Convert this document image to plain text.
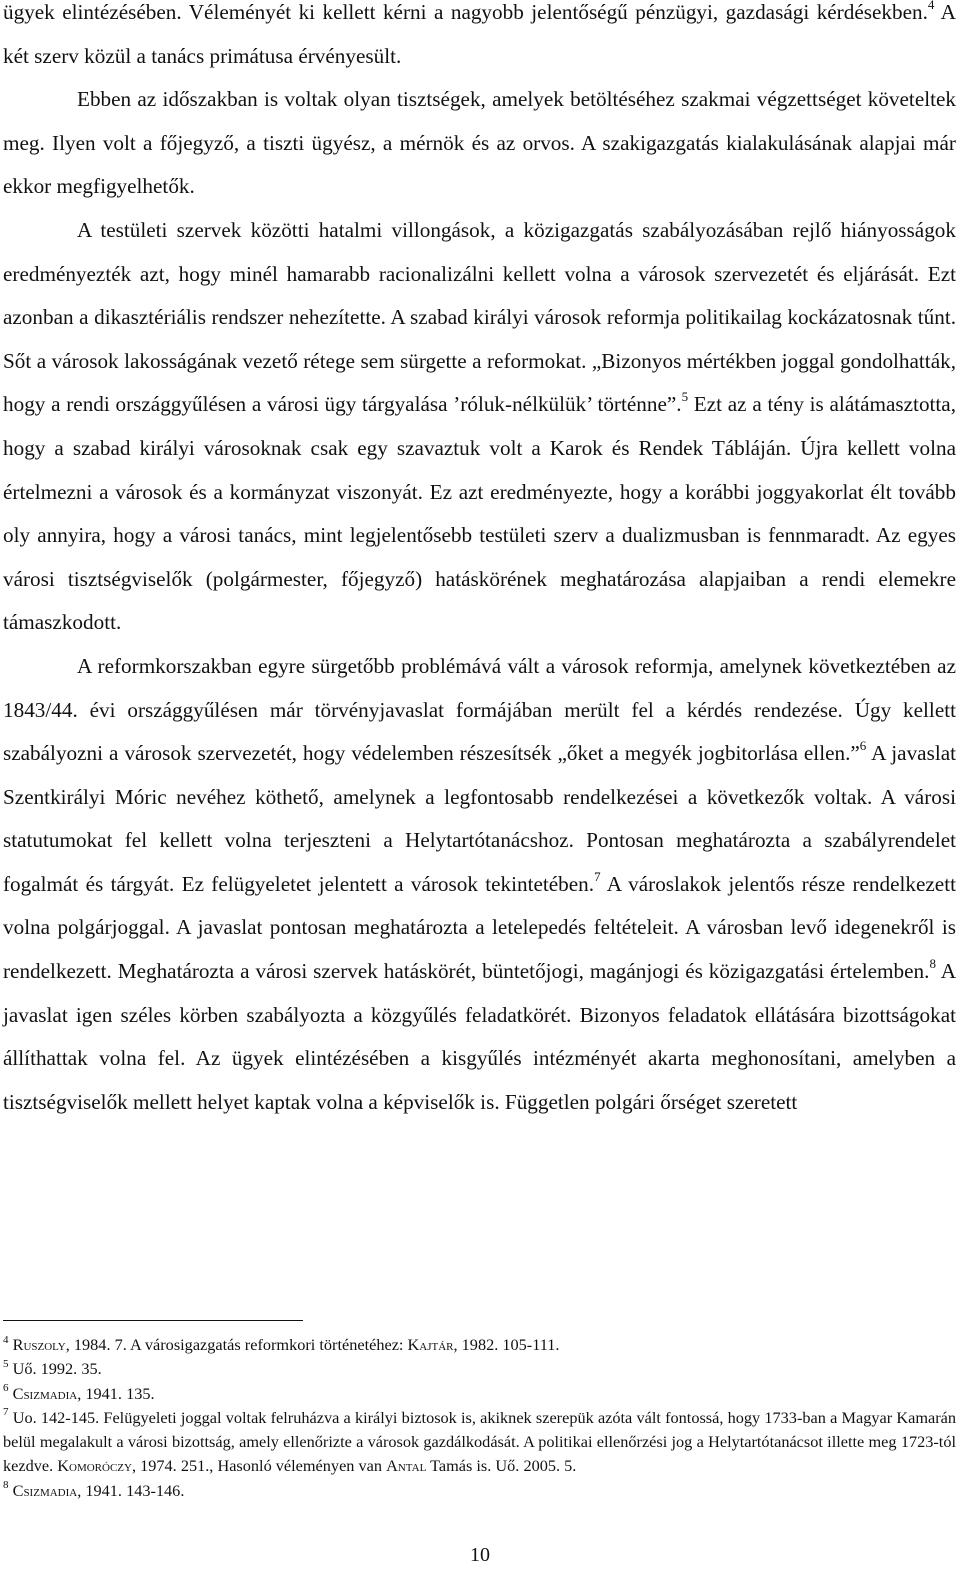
ügyek elintézésében. Véleményét ki kellett kérni a nagyobb jelentőségű pénzügyi, gazdasági kérdésekben.$^4$ A két szerv közül a tanács primátusa érvényesült.

Ebben az időszakban is voltak olyan tisztségek, amelyek betöltéséhez szakmai végzettséget követeltek meg. Ilyen volt a főjegyző, a tiszti ügyész, a mérnök és az orvos. A szakigazgatás kialakulásának alapjai már ekkor megfigyelhetők.

A testületi szervek közötti hatalmi villongások, a közigazgatás szabályozásában rejlő hiányosságok eredményezték azt, hogy minél hamarabb racionalizálni kellett volna a városok szervezetét és eljárását. Ezt azonban a dikasztériális rendszer nehezítette. A szabad királyi városok reformja politikailag kockázatosnak tűnt. Sőt a városok lakosságának vezető rétege sem sürgette a reformokat. „Bizonyos mértékben joggal gondolhatták, hogy a rendi országgyűlésen a városi ügy tárgyalása ’róluk-nélkülük’ történne”.$^5$ Ezt az a tény is alátámasztotta, hogy a szabad királyi városoknak csak egy szavaztuk volt a Karok és Rendek Tábláján. Újra kellett volna értelmezni a városok és a kormányzat viszonyát. Ez azt eredményezte, hogy a korábbi joggyakorlat élt tovább oly annyira, hogy a városi tanács, mint legjelentősebb testületi szerv a dualizmusban is fennmaradt. Az egyes városi tisztségviselők (polgármester, főjegyző) hatáskörének meghatározása alapjaiban a rendi elemekre támaszkodott.

A reformkorszakban egyre sürgetőbb problémává vált a városok reformja, amelynek következtében az 1843/44. évi országgyűlésen már törvényjavaslat formájában merült fel a kérdés rendezése. Úgy kellett szabályozni a városok szervezetét, hogy védelemben részesítsék „őket a megyék jogbitorlása ellen.”$^6$ A javaslat Szentkirályi Móric nevéhez köthető, amelynek a legfontosabb rendelkezései a következők voltak. A városi statutumokat fel kellett volna terjeszteni a Helytartótanácshoz. Pontosan meghatározta a szabályrendelet fogalmát és tárgyát. Ez felügyeletet jelentett a városok tekintetében.$^7$ A városlakok jelentős része rendelkezett volna polgárjoggal. A javaslat pontosan meghatározta a letelepedés feltételeit. A városban levő idegenekről is rendelkezett. Meghatározta a városi szervek hatáskörét, büntetőjogi, magánjogi és közigazgatási értelemben.$^8$ A javaslat igen széles körben szabályozta a közgyűlés feladatkörét. Bizonyos feladatok ellátására bizottságokat állíthattak volna fel. Az ügyek elintézésében a kisgyűlés intézményét akarta meghonosítani, amelyben a tisztségviselők mellett helyet kaptak volna a képviselők is. Független polgári őrséget szeretett

$^4$ Ruszoly, 1984. 7. A városigazgatás reformkori történetéhez: Kajtár, 1982. 105-111.

$^5$ Uő. 1992. 35.

$^6$ Csizmadia, 1941. 135.

$^7$ Uo. 142-145. Felügyeleti joggal voltak felruházva a királyi biztosok is, akiknek szerepük azóta vált fontossá, hogy 1733-ban a Magyar Kamarán belül megalakult a városi bizottság, amely ellenőrizte a városok gazdálkodását. A politikai ellenőrzési jog a Helytartótanácsot illette meg 1723-tól kezdve. Komoróczy, 1974. 251., Hasonló véleményen van Antal Tamás is. Uő. 2005. 5.

$^8$ Csizmadia, 1941. 143-146.

10
